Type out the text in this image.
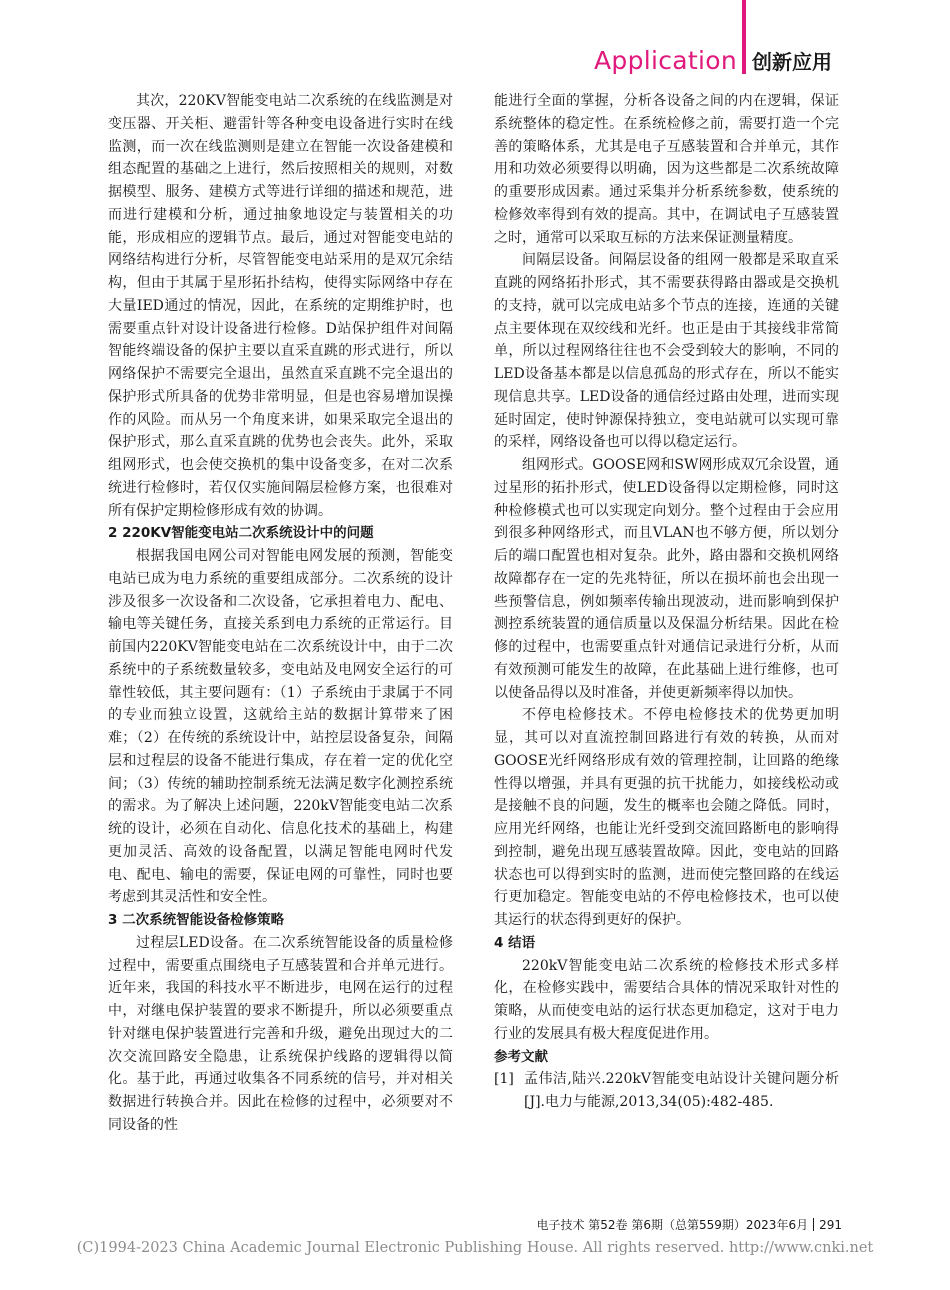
Application 创新应用

其次，220KV智能变电站二次系统的在线监测是对变压器、开关柜、避雷针等各种变电设备进行实时在线监测，而一次在线监测则是建立在智能一次设备建模和组态配置的基础之上进行，然后按照相关的规则，对数据模型、服务、建模方式等进行详细的描述和规范，进而进行建模和分析，通过抽象地设定与装置相关的功能，形成相应的逻辑节点。最后，通过对智能变电站的网络结构进行分析，尽管智能变电站采用的是双冗余结构，但由于其属于星形拓扑结构，使得实际网络中存在大量IED通过的情况，因此，在系统的定期维护时，也需要重点针对设计设备进行检修。D站保护组件对间隔智能终端设备的保护主要以直采直跳的形式进行，所以网络保护不需要完全退出，虽然直采直跳不完全退出的保护形式所具备的优势非常明显，但是也容易增加误操作的风险。而从另一个角度来讲，如果采取完全退出的保护形式，那么直采直跳的优势也会丧失。此外，采取组网形式，也会使交换机的集中设备变多，在对二次系统进行检修时，若仅仅实施间隔层检修方案，也很难对所有保护定期检修形成有效的协调。

2 220KV智能变电站二次系统设计中的问题

根据我国电网公司对智能电网发展的预测，智能变电站已成为电力系统的重要组成部分。二次系统的设计涉及很多一次设备和二次设备，它承担着电力、配电、输电等关键任务，直接关系到电力系统的正常运行。目前国内220KV智能变电站在二次系统设计中，由于二次系统中的子系统数量较多，变电站及电网安全运行的可靠性较低，其主要问题有：（1）子系统由于隶属于不同的专业而独立设置，这就给主站的数据计算带来了困难；（2）在传统的系统设计中，站控层设备复杂，间隔层和过程层的设备不能进行集成，存在着一定的优化空间；（3）传统的辅助控制系统无法满足数字化测控系统的需求。为了解决上述问题，220kV智能变电站二次系统的设计，必须在自动化、信息化技术的基础上，构建更加灵活、高效的设备配置，以满足智能电网时代发电、配电、输电的需要，保证电网的可靠性，同时也要考虑到其灵活性和安全性。

3 二次系统智能设备检修策略

过程层LED设备。在二次系统智能设备的质量检修过程中，需要重点围绕电子互感装置和合并单元进行。近年来，我国的科技水平不断进步，电网在运行的过程中，对继电保护装置的要求不断提升，所以必须要重点针对继电保护装置进行完善和升级，避免出现过大的二次交流回路安全隐患，让系统保护线路的逻辑得以简化。基于此，再通过收集各不同系统的信号，并对相关数据进行转换合并。因此在检修的过程中，必须要对不同设备的性

能进行全面的掌握，分析各设备之间的内在逻辑，保证系统整体的稳定性。在系统检修之前，需要打造一个完善的策略体系，尤其是电子互感装置和合并单元，其作用和功效必须要得以明确，因为这些都是二次系统故障的重要形成因素。通过采集并分析系统参数，使系统的检修效率得到有效的提高。其中，在调试电子互感装置之时，通常可以采取互标的方法来保证测量精度。

间隔层设备。间隔层设备的组网一般都是采取直采直跳的网络拓扑形式，其不需要获得路由器或是交换机的支持，就可以完成电站多个节点的连接，连通的关键点主要体现在双绞线和光纤。也正是由于其接线非常简单，所以过程网络往往也不会受到较大的影响，不同的LED设备基本都是以信息孤岛的形式存在，所以不能实现信息共享。LED设备的通信经过路由处理，进而实现延时固定，使时钟源保持独立，变电站就可以实现可靠的采样，网络设备也可以得以稳定运行。

组网形式。GOOSE网和SW网形成双冗余设置，通过星形的拓扑形式，使LED设备得以定期检修，同时这种检修模式也可以实现定向划分。整个过程由于会应用到很多种网络形式，而且VLAN也不够方便，所以划分后的端口配置也相对复杂。此外，路由器和交换机网络故障都存在一定的先兆特征，所以在损坏前也会出现一些预警信息，例如频率传输出现波动，进而影响到保护测控系统装置的通信质量以及保温分析结果。因此在检修的过程中，也需要重点针对通信记录进行分析，从而有效预测可能发生的故障，在此基础上进行维修，也可以使备品得以及时准备，并使更新频率得以加快。

不停电检修技术。不停电检修技术的优势更加明显，其可以对直流控制回路进行有效的转换，从而对GOOSE光纤网络形成有效的管理控制，让回路的绝缘性得以增强，并具有更强的抗干扰能力，如接线松动或是接触不良的问题，发生的概率也会随之降低。同时，应用光纤网络，也能让光纤受到交流回路断电的影响得到控制，避免出现互感装置故障。因此，变电站的回路状态也可以得到实时的监测，进而使完整回路的在线运行更加稳定。智能变电站的不停电检修技术，也可以使其运行的状态得到更好的保护。

4 结语

220kV智能变电站二次系统的检修技术形式多样化，在检修实践中，需要结合具体的情况采取针对性的策略，从而使变电站的运行状态更加稳定，这对于电力行业的发展具有极大程度促进作用。

参考文献
[1] 孟伟洁,陆兴.220kV智能变电站设计关键问题分析[J].电力与能源,2013,34(05):482-485.
电子技术 第52卷 第6期（总第559期）2023年6月 291
(C)1994-2023 China Academic Journal Electronic Publishing House. All rights reserved. http://www.cnki.net
